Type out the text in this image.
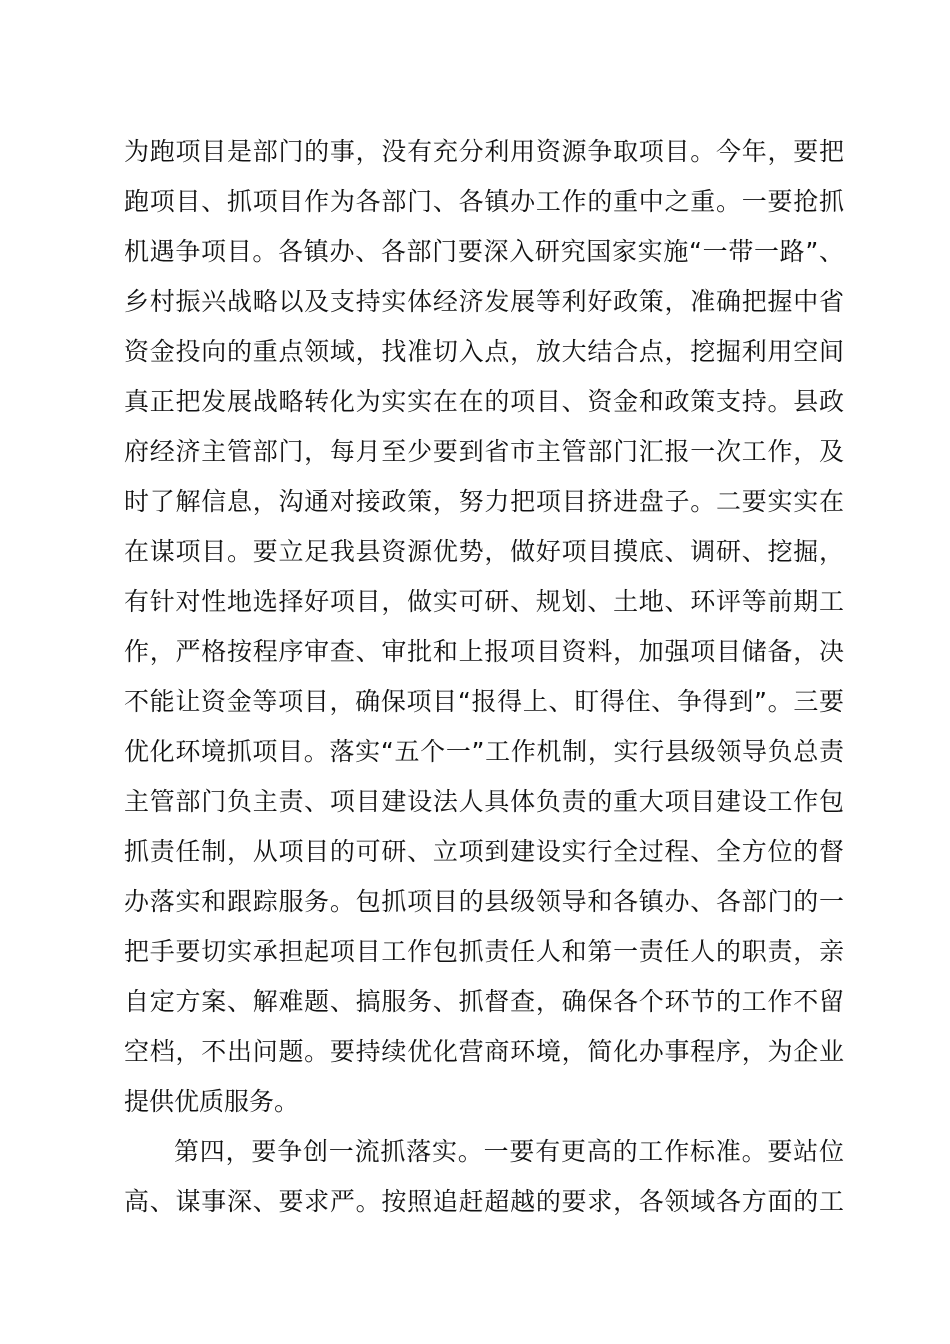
为跑项目是部门的事，没有充分利用资源争取项目。今年，要把
跑项目、抓项目作为各部门、各镇办工作的重中之重。一要抢抓
机遇争项目。各镇办、各部门要深入研究国家实施“一带一路”、
乡村振兴战略以及支持实体经济发展等利好政策，准确把握中省
资金投向的重点领域，找准切入点，放大结合点，挖掘利用空间
真正把发展战略转化为实实在在的项目、资金和政策支持。县政
府经济主管部门，每月至少要到省市主管部门汇报一次工作，及
时了解信息，沟通对接政策，努力把项目挤进盘子。二要实实在
在谋项目。要立足我县资源优势，做好项目摸底、调研、挖掘，
有针对性地选择好项目，做实可研、规划、土地、环评等前期工
作，严格按程序审查、审批和上报项目资料，加强项目储备，决
不能让资金等项目，确保项目“报得上、盯得住、争得到”。三要
优化环境抓项目。落实“五个一”工作机制，实行县级领导负总责
主管部门负主责、项目建设法人具体负责的重大项目建设工作包
抓责任制，从项目的可研、立项到建设实行全过程、全方位的督
办落实和跟踪服务。包抓项目的县级领导和各镇办、各部门的一
把手要切实承担起项目工作包抓责任人和第一责任人的职责，亲
自定方案、解难题、搞服务、抓督查，确保各个环节的工作不留
空档，不出问题。要持续优化营商环境，简化办事程序，为企业
提供优质服务。
第四，要争创一流抓落实。一要有更高的工作标准。要站位
高、谋事深、要求严。按照追赶超越的要求，各领域各方面的工
